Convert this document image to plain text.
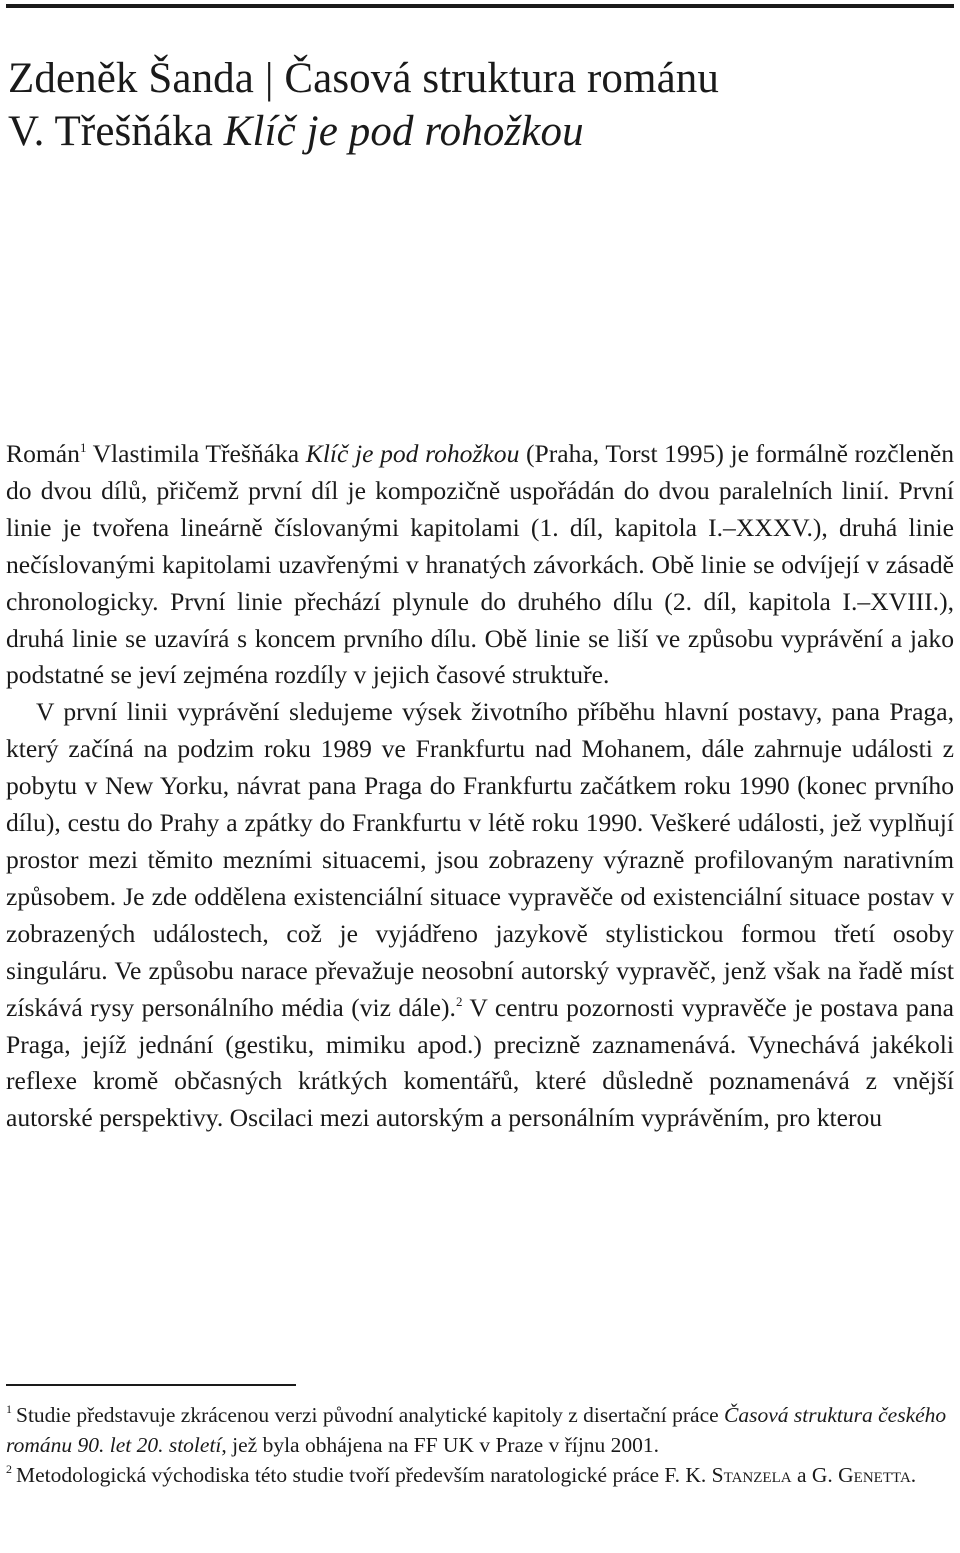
Zdeněk Šanda | Časová struktura románu
V. Třešňáka Klíč je pod rohožkou

Román$^1$ Vlastimila Třešňáka Klíč je pod rohožkou (Praha, Torst 1995) je formálně rozčleněn do dvou dílů, přičemž první díl je kompozičně uspořádán do dvou paralelních linií. První linie je tvořena lineárně číslovanými kapitolami (1. díl, kapitola I.–XXXV.), druhá linie nečíslovanými kapitolami uzavřenými v hranatých závorkách. Obě linie se odvíjejí v zásadě chronologicky. První linie přechází plynule do druhého dílu (2. díl, kapitola I.–XVIII.), druhá linie se uzavírá s koncem prvního dílu. Obě linie se liší ve způsobu vyprávění a jako podstatné se jeví zejména rozdíly v jejich časové struktuře.

V první linii vyprávění sledujeme výsek životního příběhu hlavní postavy, pana Praga, který začíná na podzim roku 1989 ve Frankfurtu nad Mohanem, dále zahrnuje události z pobytu v New Yorku, návrat pana Praga do Frankfurtu začátkem roku 1990 (konec prvního dílu), cestu do Prahy a zpátky do Frankfurtu v létě roku 1990. Veškeré události, jež vyplňují prostor mezi těmito mezními situacemi, jsou zobrazeny výrazně profilovaným narativním způsobem. Je zde oddělena existenciální situace vypravěče od existenciální situace postav v zobrazených událostech, což je vyjádřeno jazykově stylistickou formou třetí osoby singuláru. Ve způsobu narace převažuje neosobní autorský vypravěč, jenž však na řadě míst získává rysy personálního média (viz dále).$^2$ V centru pozornosti vypravěče je postava pana Praga, jejíž jednání (gestiku, mimiku apod.) precizně zaznamenává. Vynechává jakékoli reflexe kromě občasných krátkých komentářů, které důsledně poznamenává z vnější autorské perspektivy. Oscilaci mezi autorským a personálním vyprávěním, pro kterou

$^1$ Studie představuje zkrácenou verzi původní analytické kapitoly z disertační práce Časová struktura českého románu 90. let 20. století, jež byla obhájena na FF UK v Praze v říjnu 2001.

$^2$ Metodologická východiska této studie tvoří především naratologické práce F. K. Stanzela a G. Genetta.
